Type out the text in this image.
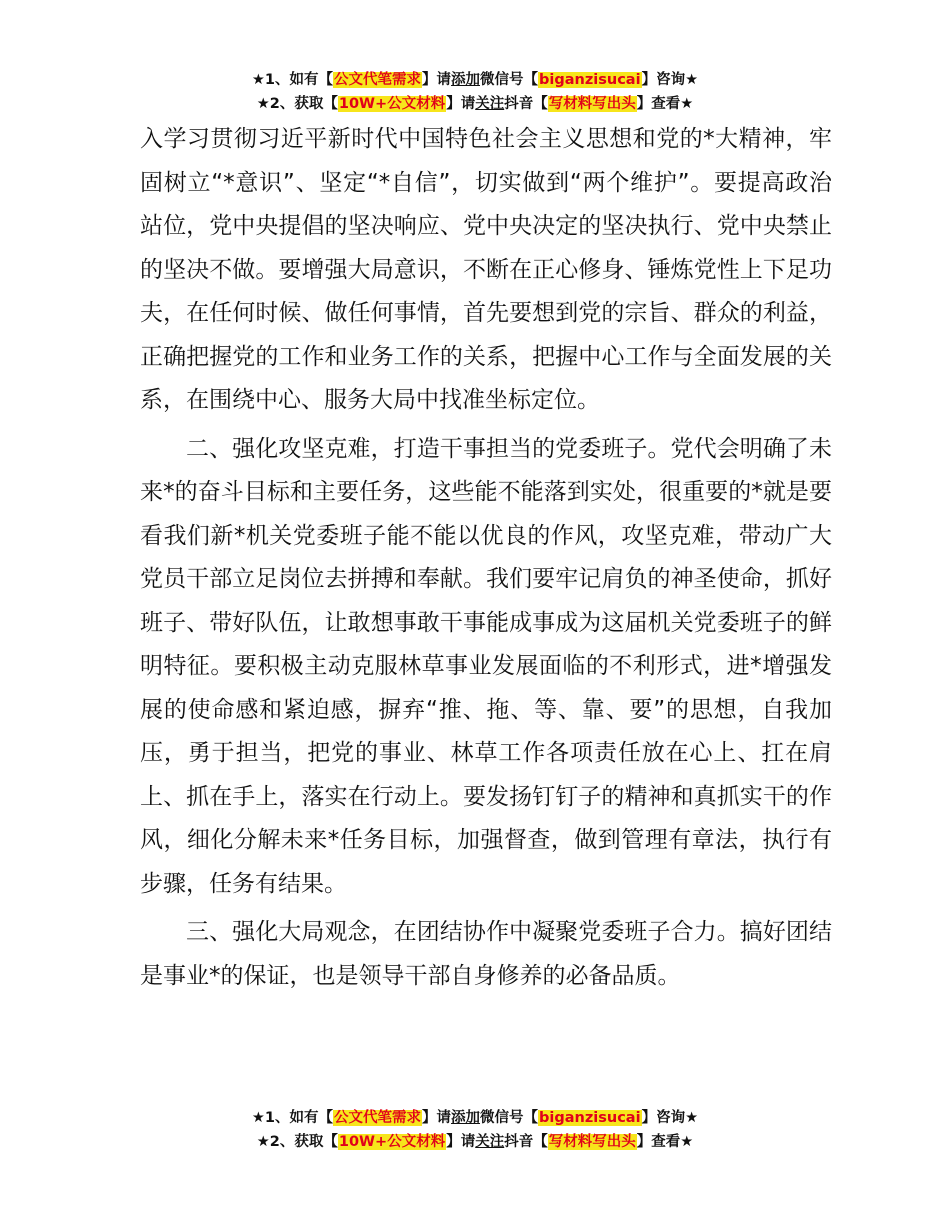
★1、如有【公文代笔需求】请添加微信号【biganzisucai】咨询★
★2、获取【10W+公文材料】请关注抖音【写材料写出头】查看★

入学习贯彻习近平新时代中国特色社会主义思想和党的*大精神，牢固树立“*意识”、坚定“*自信”，切实做到“两个维护”。要提高政治站位，党中央提倡的坚决响应、党中央决定的坚决执行、党中央禁止的坚决不做。要增强大局意识，不断在正心修身、锤炼党性上下足功夫，在任何时候、做任何事情，首先要想到党的宗旨、群众的利益，正确把握党的工作和业务工作的关系，把握中心工作与全面发展的关系，在围绕中心、服务大局中找准坐标定位。

二、强化攻坚克难，打造干事担当的党委班子。党代会明确了未来*的奋斗目标和主要任务，这些能不能落到实处，很重要的*就是要看我们新*机关党委班子能不能以优良的作风，攻坚克难，带动广大党员干部立足岗位去拼搏和奉献。我们要牢记肩负的神圣使命，抓好班子、带好队伍，让敢想事敢干事能成事成为这届机关党委班子的鲜明特征。要积极主动克服林草事业发展面临的不利形式，进*增强发展的使命感和紧迫感，摒弃“推、拖、等、靠、要”的思想，自我加压，勇于担当，把党的事业、林草工作各项责任放在心上、扛在肩上、抓在手上，落实在行动上。要发扬钉钉子的精神和真抓实干的作风，细化分解未来*任务目标，加强督查，做到管理有章法，执行有步骤，任务有结果。

三、强化大局观念，在团结协作中凝聚党委班子合力。搞好团结是事业*的保证，也是领导干部自身修养的必备品质。

★1、如有【公文代笔需求】请添加微信号【biganzisucai】咨询★
★2、获取【10W+公文材料】请关注抖音【写材料写出头】查看★
